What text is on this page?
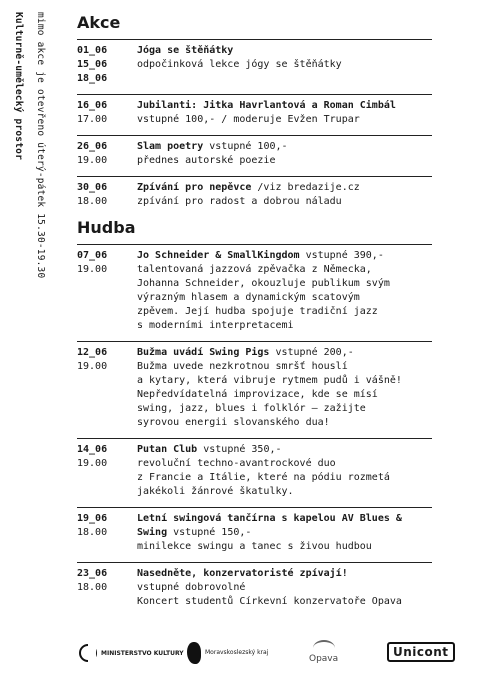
Kulturně-umělecký prostor mimo akce je otevřeno úterý-pátek 15.30-19.30 Akce
01_06
15_06
18_06
Jóga se štěňátky
odpočinková lekce jógy se štěňátky
16_06
17.00
Jubilanti: Jitka Havrlantová a Roman Cimbál
vstupné 100,- / moderuje Evžen Trupar
26_06
19.00
Slam poetry vstupné 100,-
přednes autorské poezie
30_06
18.00
Zpívání pro nepěvce /viz bredazije.cz
zpívání pro radost a dobrou náladu
Hudba
07_06
19.00
Jo Schneider & SmallKingdom vstupné 390,-
talentovaná jazzová zpěvačka z Německa,
Johanna Schneider, okouzluje publikum svým
výrazným hlasem a dynamickým scatovým
zpěvem. Její hudba spojuje tradiční jazz
s moderními interpretacemi
12_06
19.00
Bužma uvádí Swing Pigs vstupné 200,-
Bužma uvede nezkrotnou smršť houslí
a kytary, která vibruje rytmem pudů i vášně!
Nepředvídatelná improvizace, kde se mísí
swing, jazz, blues i folklór – zažijte
syrovou energii slovanského dua!
14_06
19.00
Putan Club vstupné 350,-
revoluční techno-avantrockové duo
z Francie a Itálie, které na pódiu rozmetá
jakékoli žánrové škatulky.
19_06
18.00
Letní swingová tančírna s kapelou AV Blues & Swing vstupné 150,-
minilekce swingu a tanec s živou hudbou
23_06
18.00
Nasedněte, konzervatoristé zpívají!
vstupné dobrovolné
Koncert studentů Církevní konzervatoře Opava
MINISTERSTVO KULTURY	Moravskoslezský kraj
Opava	Unicont
